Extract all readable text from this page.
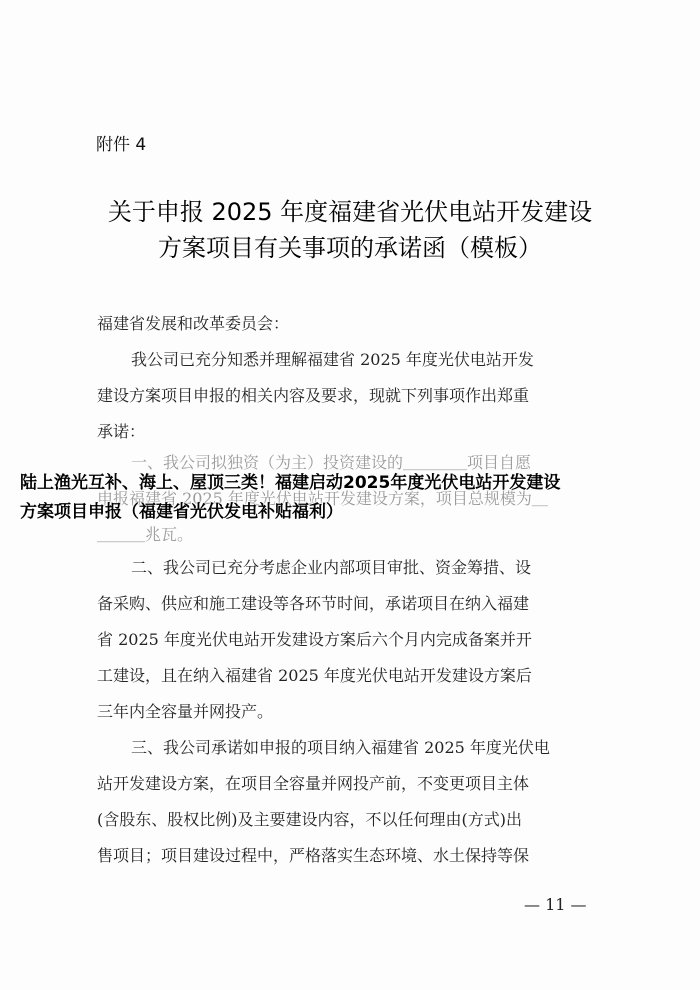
附件 4
关于申报 2025 年度福建省光伏电站开发建设
方案项目有关事项的承诺函（模板）
福建省发展和改革委员会：
我公司已充分知悉并理解福建省 2025 年度光伏电站开发
建设方案项目申报的相关内容及要求，现就下列事项作出郑重
承诺：
一、我公司拟独资（为主）投资建设的＿＿＿＿项目自愿
申报福建省 2025 年度光伏电站开发建设方案，项目总规模为＿
＿＿＿兆瓦。
二、我公司已充分考虑企业内部项目审批、资金筹措、设
备采购、供应和施工建设等各环节时间，承诺项目在纳入福建
省 2025 年度光伏电站开发建设方案后六个月内完成备案并开
工建设，且在纳入福建省 2025 年度光伏电站开发建设方案后
三年内全容量并网投产。
三、我公司承诺如申报的项目纳入福建省 2025 年度光伏电
站开发建设方案，在项目全容量并网投产前，不变更项目主体
(含股东、股权比例)及主要建设内容，不以任何理由(方式)出
售项目；项目建设过程中，严格落实生态环境、水土保持等保
陆上渔光互补、海上、屋顶三类！福建启动2025年度光伏电站开发建设
方案项目申报（福建省光伏发电补贴福利）
— 11 —
